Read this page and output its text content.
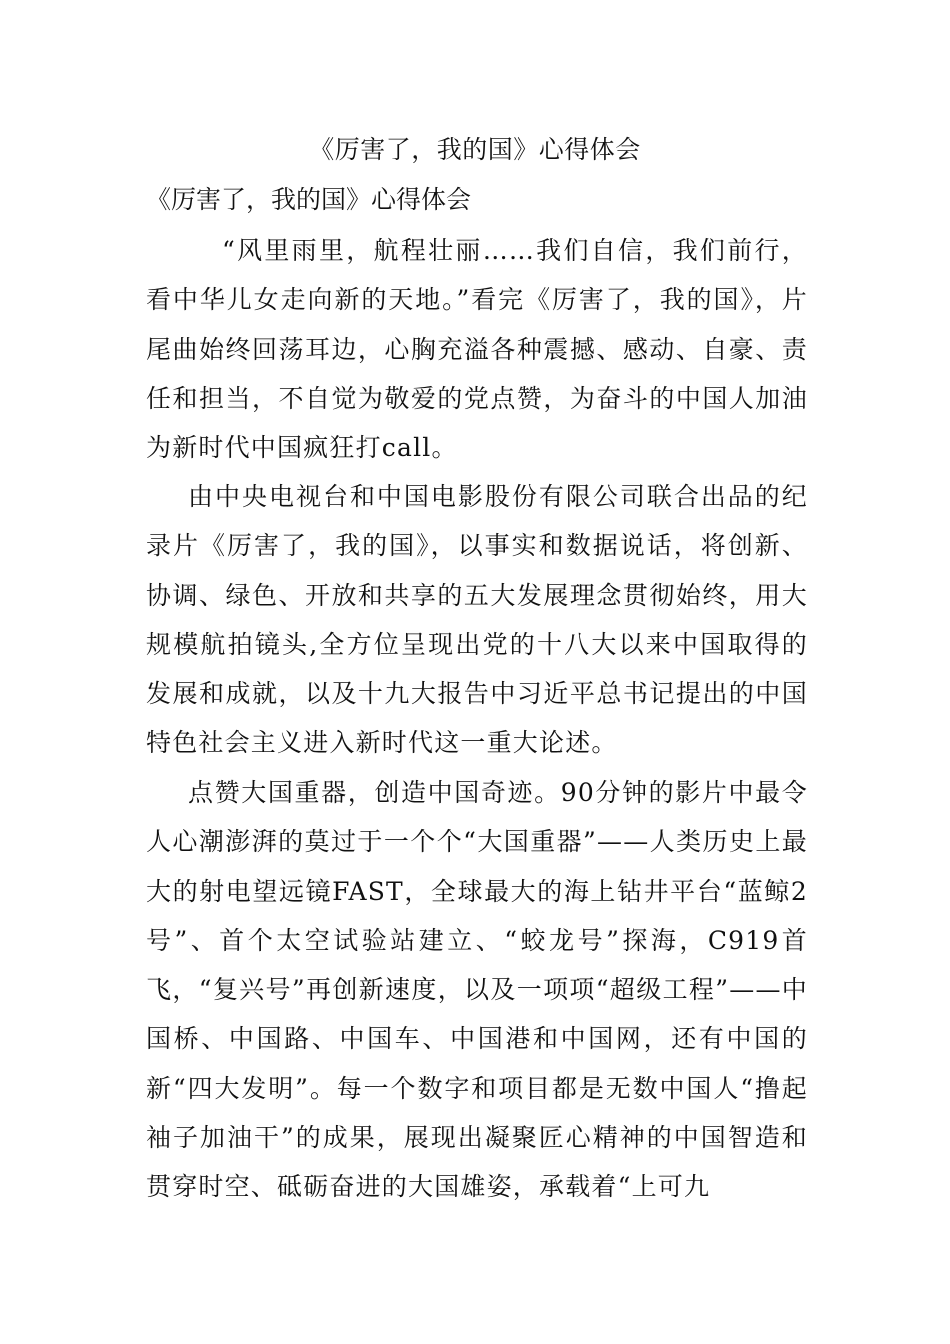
《厉害了，我的国》心得体会

《厉害了，我的国》心得体会

“风里雨里，航程壮丽……我们自信，我们前行，看中华儿女走向新的天地。”看完《厉害了，我的国》，片尾曲始终回荡耳边，心胸充溢各种震撼、感动、自豪、责任和担当，不自觉为敬爱的党点赞，为奋斗的中国人加油为新时代中国疯狂打call。

由中央电视台和中国电影股份有限公司联合出品的纪录片《厉害了，我的国》，以事实和数据说话，将创新、协调、绿色、开放和共享的五大发展理念贯彻始终，用大规模航拍镜头,全方位呈现出党的十八大以来中国取得的发展和成就，以及十九大报告中习近平总书记提出的中国特色社会主义进入新时代这一重大论述。

点赞大国重器，创造中国奇迹。90分钟的影片中最令人心潮澎湃的莫过于一个个“大国重器”——人类历史上最大的射电望远镜FAST，全球最大的海上钻井平台“蓝鲸2号”、首个太空试验站建立、“蛟龙号”探海，C919首飞，“复兴号”再创新速度，以及一项项“超级工程”——中国桥、中国路、中国车、中国港和中国网，还有中国的新“四大发明”。每一个数字和项目都是无数中国人“撸起袖子加油干”的成果，展现出凝聚匠心精神的中国智造和贯穿时空、砥砺奋进的大国雄姿，承载着“上可九
